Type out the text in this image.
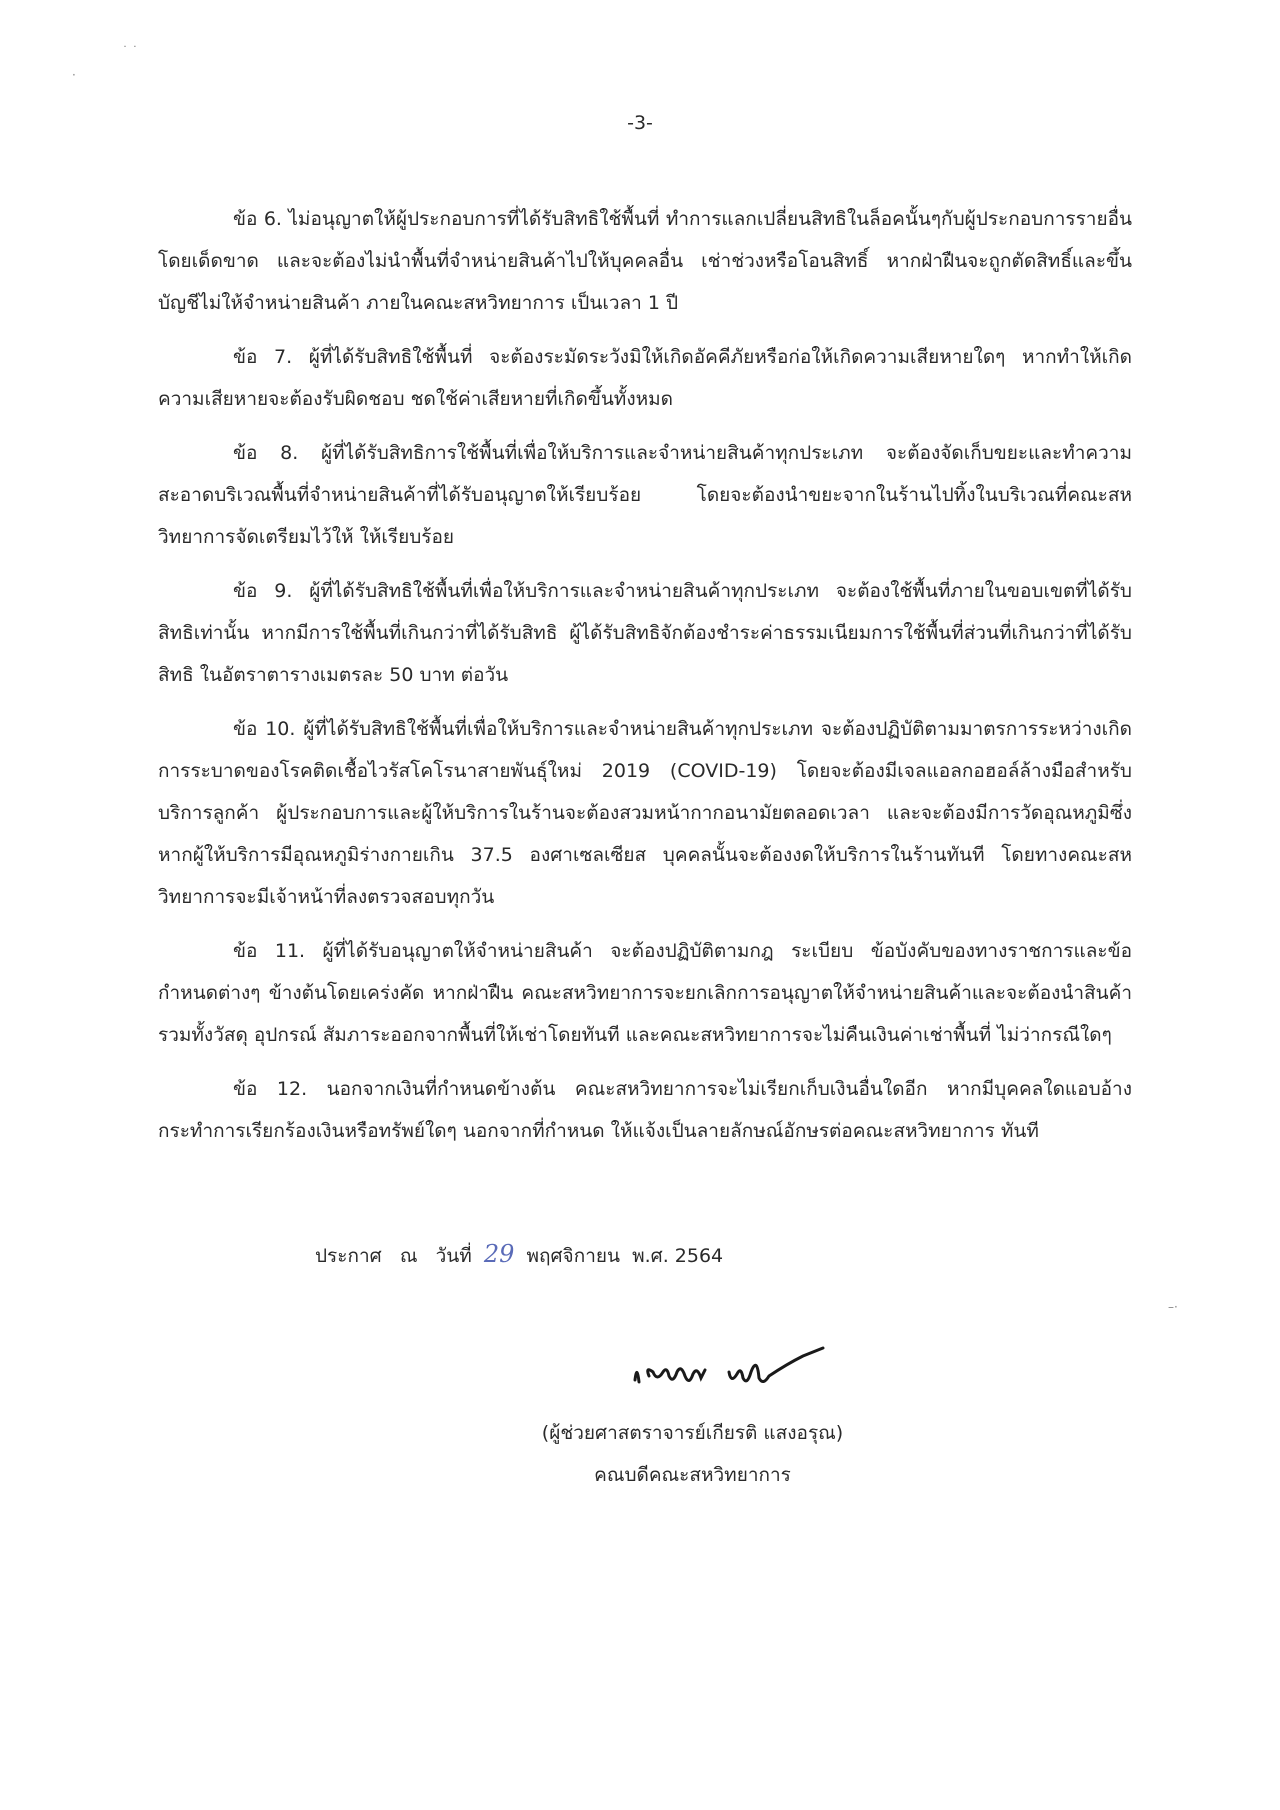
˙ ˙
·
-3-

ข้อ 6. ไม่อนุญาตให้ผู้ประกอบการที่ได้รับสิทธิใช้พื้นที่ ทำการแลกเปลี่ยนสิทธิในล็อคนั้นๆกับผู้ประกอบการรายอื่นโดยเด็ดขาด และจะต้องไม่นำพื้นที่จำหน่ายสินค้าไปให้บุคคลอื่น เช่าช่วงหรือโอนสิทธิ์ หากฝ่าฝืนจะถูกตัดสิทธิ์และขึ้นบัญชีไม่ให้จำหน่ายสินค้า ภายในคณะสหวิทยาการ เป็นเวลา 1 ปี

ข้อ 7. ผู้ที่ได้รับสิทธิใช้พื้นที่ จะต้องระมัดระวังมิให้เกิดอัคคีภัยหรือก่อให้เกิดความเสียหายใดๆ หากทำให้เกิดความเสียหายจะต้องรับผิดชอบ ชดใช้ค่าเสียหายที่เกิดขึ้นทั้งหมด

ข้อ 8. ผู้ที่ได้รับสิทธิการใช้พื้นที่เพื่อให้บริการและจำหน่ายสินค้าทุกประเภท จะต้องจัดเก็บขยะและทำความสะอาดบริเวณพื้นที่จำหน่ายสินค้าที่ได้รับอนุญาตให้เรียบร้อย โดยจะต้องนำขยะจากในร้านไปทิ้งในบริเวณที่คณะสหวิทยาการจัดเตรียมไว้ให้ ให้เรียบร้อย

ข้อ 9. ผู้ที่ได้รับสิทธิใช้พื้นที่เพื่อให้บริการและจำหน่ายสินค้าทุกประเภท จะต้องใช้พื้นที่ภายในขอบเขตที่ได้รับสิทธิเท่านั้น หากมีการใช้พื้นที่เกินกว่าที่ได้รับสิทธิ ผู้ได้รับสิทธิจักต้องชำระค่าธรรมเนียมการใช้พื้นที่ส่วนที่เกินกว่าที่ได้รับสิทธิ ในอัตราตารางเมตรละ 50 บาท ต่อวัน

ข้อ 10. ผู้ที่ได้รับสิทธิใช้พื้นที่เพื่อให้บริการและจำหน่ายสินค้าทุกประเภท จะต้องปฏิบัติตามมาตรการระหว่างเกิดการระบาดของโรคติดเชื้อไวรัสโคโรนาสายพันธุ์ใหม่ 2019 (COVID-19) โดยจะต้องมีเจลแอลกอฮอล์ล้างมือสำหรับบริการลูกค้า ผู้ประกอบการและผู้ให้บริการในร้านจะต้องสวมหน้ากากอนามัยตลอดเวลา และจะต้องมีการวัดอุณหภูมิซึ่งหากผู้ให้บริการมีอุณหภูมิร่างกายเกิน 37.5 องศาเซลเซียส บุคคลนั้นจะต้องงดให้บริการในร้านทันที โดยทางคณะสหวิทยาการจะมีเจ้าหน้าที่ลงตรวจสอบทุกวัน

ข้อ 11. ผู้ที่ได้รับอนุญาตให้จำหน่ายสินค้า จะต้องปฏิบัติตามกฎ ระเบียบ ข้อบังคับของทางราชการและข้อกำหนดต่างๆ ข้างต้นโดยเคร่งคัด หากฝ่าฝืน คณะสหวิทยาการจะยกเลิกการอนุญาตให้จำหน่ายสินค้าและจะต้องนำสินค้ารวมทั้งวัสดุ อุปกรณ์ สัมภาระออกจากพื้นที่ให้เช่าโดยทันที และคณะสหวิทยาการจะไม่คืนเงินค่าเช่าพื้นที่ ไม่ว่ากรณีใดๆ

ข้อ 12. นอกจากเงินที่กำหนดข้างต้น คณะสหวิทยาการจะไม่เรียกเก็บเงินอื่นใดอีก หากมีบุคคลใดแอบอ้างกระทำการเรียกร้องเงินหรือทรัพย์ใดๆ นอกจากที่กำหนด ให้แจ้งเป็นลายลักษณ์อักษรต่อคณะสหวิทยาการ ทันที

ประกาศ   ณ   วันที่  29  พฤศจิกายน  พ.ศ. 2564
(ผู้ช่วยศาสตราจารย์เกียรติ แสงอรุณ)
คณบดีคณะสหวิทยาการ
–·
